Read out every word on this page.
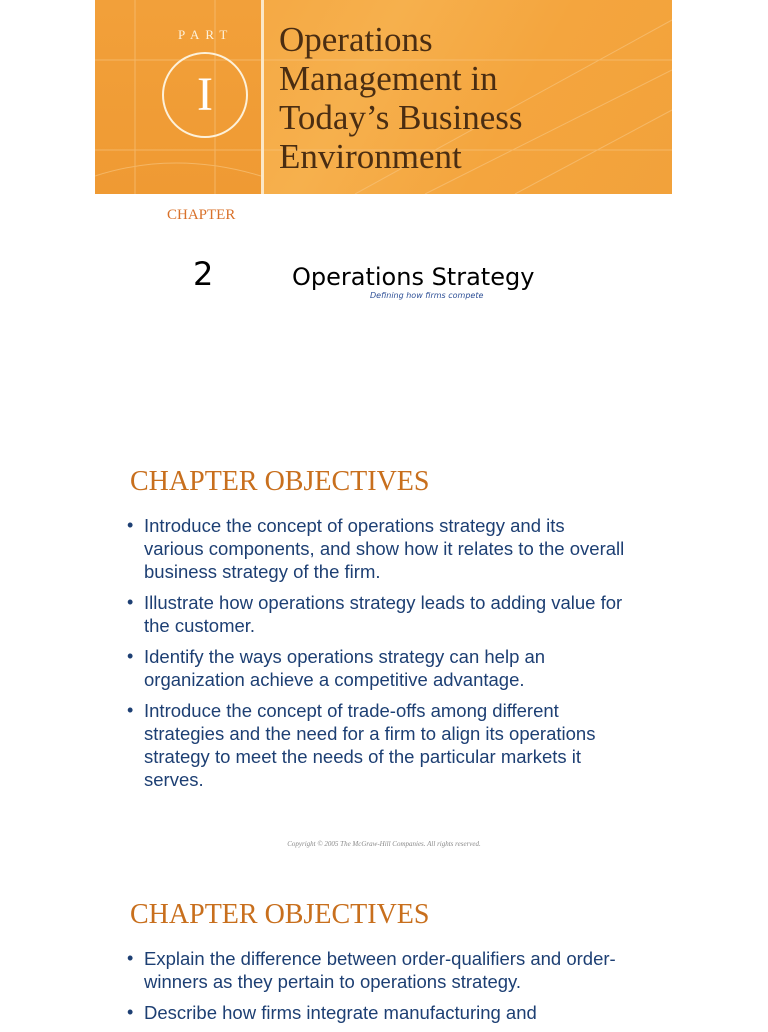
PART
I
Operations
Management in
Today’s Business
Environment
CHAPTER
2	Operations Strategy
Defining how firms compete
CHAPTER OBJECTIVES
• Introduce the concept of operations strategy and its various components, and show how it relates to the overall business strategy of the firm.
• Illustrate how operations strategy leads to adding value for the customer.
• Identify the ways operations strategy can help an organization achieve a competitive advantage.
• Introduce the concept of trade-offs among different strategies and the need for a firm to align its operations strategy to meet the needs of the particular markets it serves.
Copyright © 2005 The McGraw-Hill Companies. All rights reserved.
CHAPTER OBJECTIVES
• Explain the difference between order-qualifiers and order-winners as they pertain to operations strategy.
• Describe how firms integrate manufacturing and
